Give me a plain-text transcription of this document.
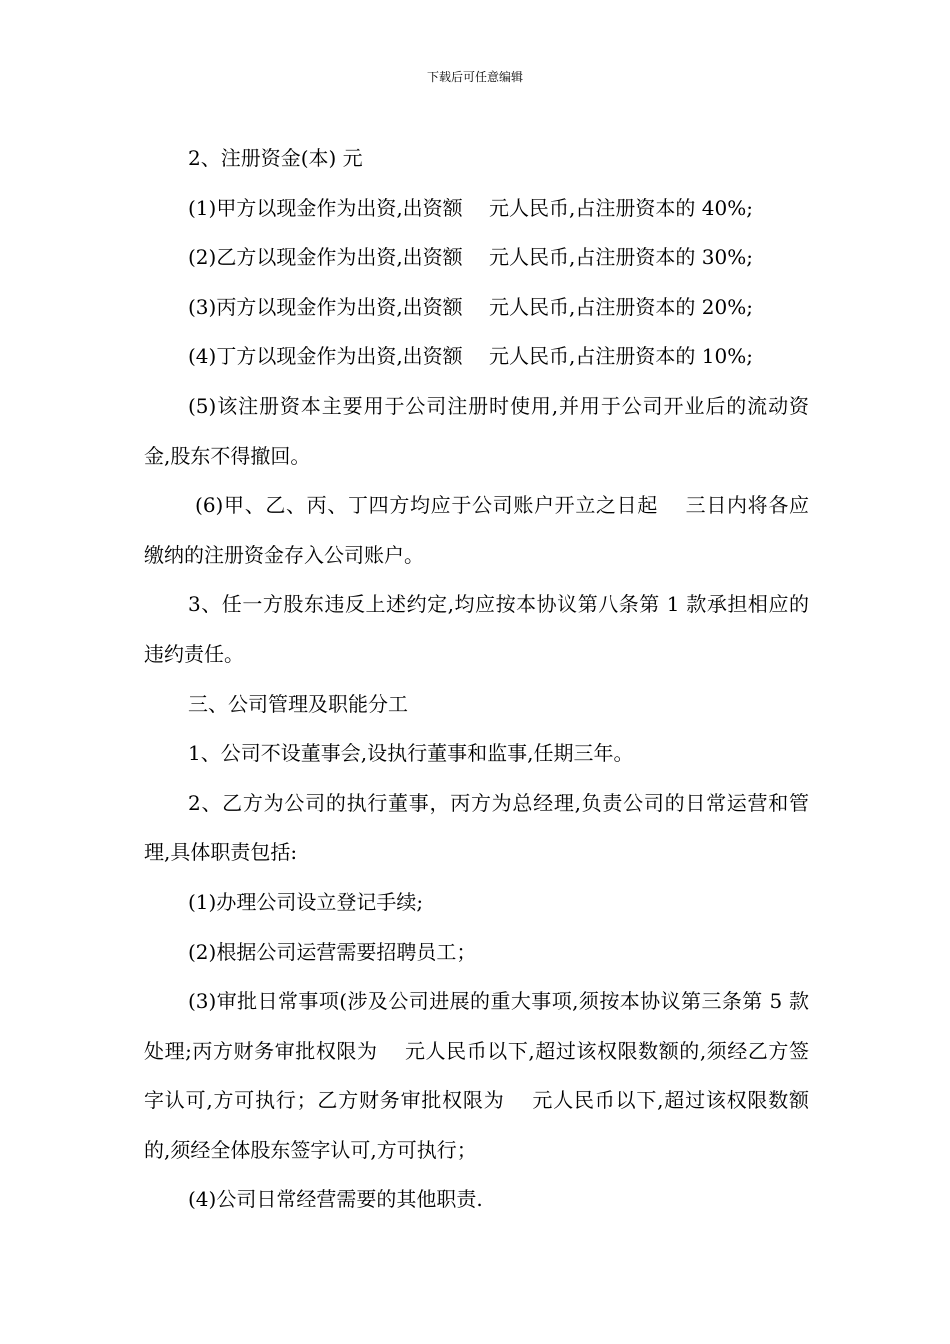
下载后可任意编辑

2、注册资金(本) 元

(1)甲方以现金作为出资,出资额　 元人民币,占注册资本的 40%;

(2)乙方以现金作为出资,出资额　 元人民币,占注册资本的 30%;

(3)丙方以现金作为出资,出资额　 元人民币,占注册资本的 20%;

(4)丁方以现金作为出资,出资额　 元人民币,占注册资本的 10%;

(5)该注册资本主要用于公司注册时使用,并用于公司开业后的流动资金,股东不得撤回。

(6)甲、乙、丙、丁四方均应于公司账户开立之日起　 三日内将各应缴纳的注册资金存入公司账户。

3、任一方股东违反上述约定,均应按本协议第八条第 1 款承担相应的违约责任。

三、公司管理及职能分工

1、公司不设董事会,设执行董事和监事,任期三年。

2、乙方为公司的执行董事，丙方为总经理,负责公司的日常运营和管理,具体职责包括:

(1)办理公司设立登记手续;

(2)根据公司运营需要招聘员工；

(3)审批日常事项(涉及公司进展的重大事项,须按本协议第三条第 5 款处理;丙方财务审批权限为　 元人民币以下,超过该权限数额的,须经乙方签字认可,方可执行；乙方财务审批权限为　 元人民币以下,超过该权限数额的,须经全体股东签字认可,方可执行；

(4)公司日常经营需要的其他职责.
